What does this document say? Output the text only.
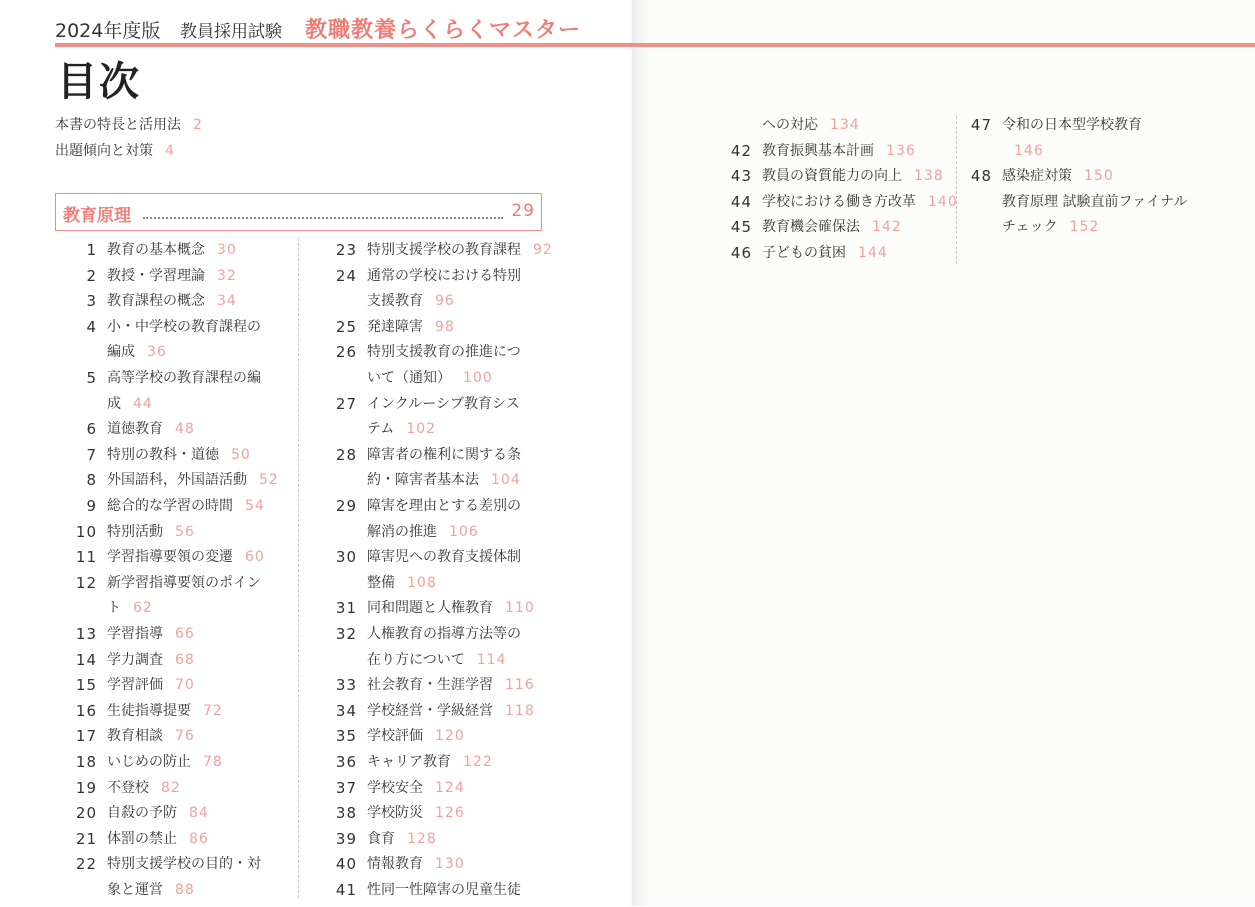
2024年度版 教員採用試験 教職教養らくらくマスター
目次
本書の特長と活用法 2
出題傾向と対策 4
教育原理	29
1 教育の基本概念 30
2 教授・学習理論 32
3 教育課程の概念 34
4 小・中学校の教育課程の
編成 36
5 高等学校の教育課程の編
成 44
6 道徳教育 48
7 特別の教科・道徳 50
8 外国語科，外国語活動 52
9 総合的な学習の時間 54
10 特別活動 56
11 学習指導要領の変遷 60
12 新学習指導要領のポイン
ト 62
13 学習指導 66
14 学力調査 68
15 学習評価 70
16 生徒指導提要 72
17 教育相談 76
18 いじめの防止 78
19 不登校 82
20 自殺の予防 84
21 体罰の禁止 86
22 特別支援学校の目的・対
象と運営 88
23 特別支援学校の教育課程 92
24 通常の学校における特別
支援教育 96
25 発達障害 98
26 特別支援教育の推進につ
いて（通知） 100
27 インクルーシブ教育シス
テム 102
28 障害者の権利に関する条
約・障害者基本法 104
29 障害を理由とする差別の
解消の推進 106
30 障害児への教育支援体制
整備 108
31 同和問題と人権教育 110
32 人権教育の指導方法等の
在り方について 114
33 社会教育・生涯学習 116
34 学校経営・学級経営 118
35 学校評価 120
36 キャリア教育 122
37 学校安全 124
38 学校防災 126
39 食育 128
40 情報教育 130
41 性同一性障害の児童生徒
への対応 134
42 教育振興基本計画 136
43 教員の資質能力の向上 138
44 学校における働き方改革 140
45 教育機会確保法 142
46 子どもの貧困 144
47 令和の日本型学校教育
146
48 感染症対策 150
教育原理 試験直前ファイナル
チェック 152
